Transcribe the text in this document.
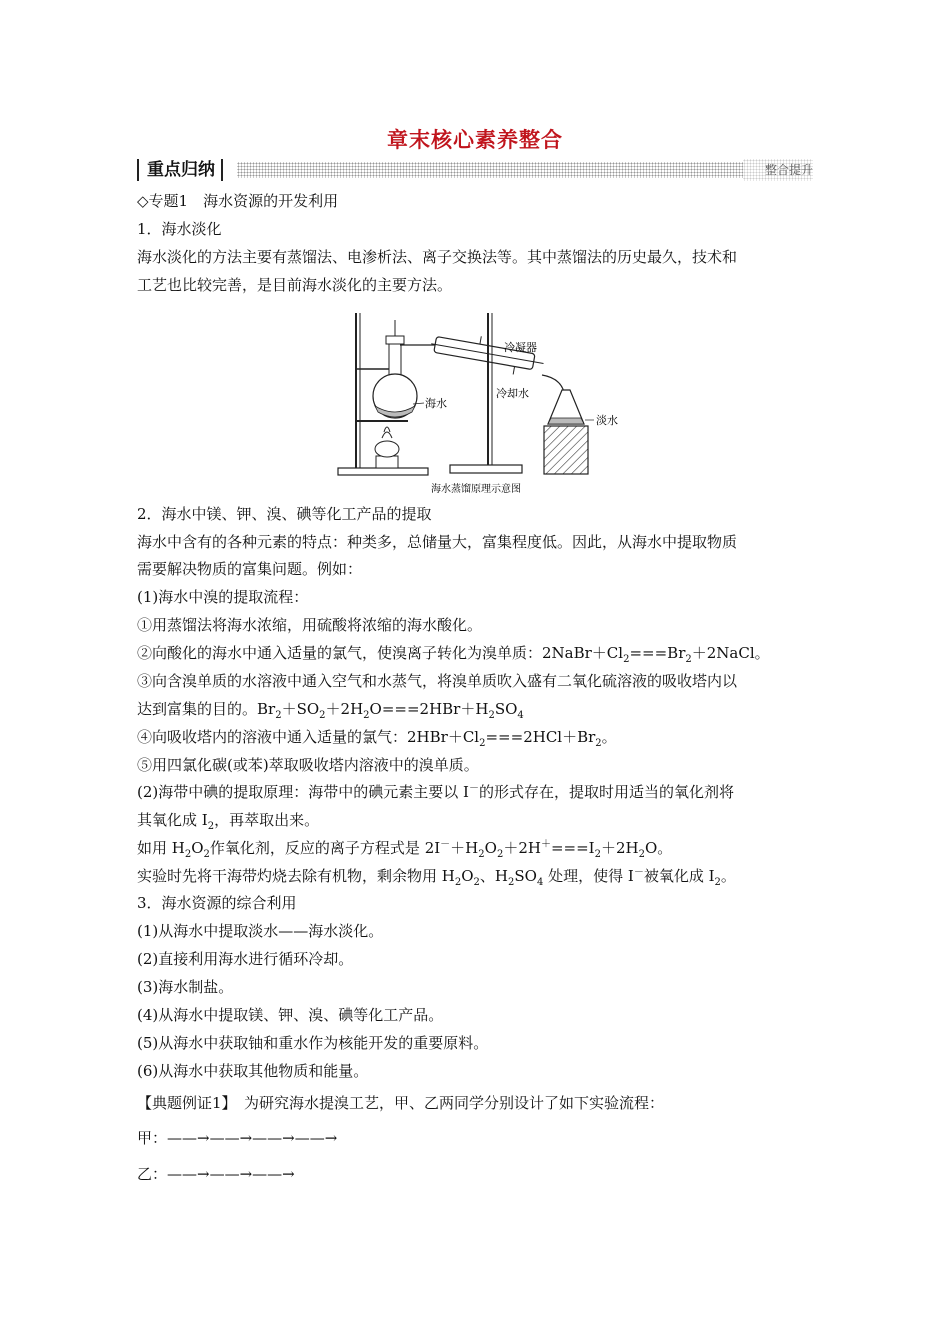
章末核心素养整合
重点归纳	整合提升
◇专题1　海水资源的开发利用
1．海水淡化
海水淡化的方法主要有蒸馏法、电渗析法、离子交换法等。其中蒸馏法的历史最久，技术和
工艺也比较完善，是目前海水淡化的主要方法。
冷凝器
冷却水
海水
淡水
海水蒸馏原理示意图
2．海水中镁、钾、溴、碘等化工产品的提取
海水中含有的各种元素的特点：种类多，总储量大，富集程度低。因此，从海水中提取物质
需要解决物质的富集问题。例如：
(1)海水中溴的提取流程：
①用蒸馏法将海水浓缩，用硫酸将浓缩的海水酸化。
②向酸化的海水中通入适量的氯气，使溴离子转化为溴单质：$2NaBr+Cl_2===Br_2+2NaCl$。
③向含溴单质的水溶液中通入空气和水蒸气，将溴单质吹入盛有二氧化硫溶液的吸收塔内以
达到富集的目的。$Br_2+SO_2+2H_2O===2HBr+H_2SO_4$
④向吸收塔内的溶液中通入适量的氯气：$2HBr+Cl_2===2HCl+Br_2$。
⑤用四氯化碳(或苯)萃取吸收塔内溶液中的溴单质。
(2)海带中碘的提取原理：海带中的碘元素主要以 I－的形式存在，提取时用适当的氧化剂将
其氧化成 $I_2$，再萃取出来。
如用 $H_2O_2$作氧化剂，反应的离子方程式是 $2I^-+H_2O_2+2H^+===I_2+2H_2O$。
实验时先将干海带灼烧去除有机物，剩余物用 $H_2O_2$、$H_2SO_4$ 处理，使得 I－被氧化成 $I_2$。
3．海水资源的综合利用
(1)从海水中提取淡水——海水淡化。
(2)直接利用海水进行循环冷却。
(3)海水制盐。
(4)从海水中提取镁、钾、溴、碘等化工产品。
(5)从海水中获取铀和重水作为核能开发的重要原料。
(6)从海水中获取其他物质和能量。
【典题例证1】　为研究海水提溴工艺，甲、乙两同学分别设计了如下实验流程：
甲：——→——→——→——→
乙：——→——→——→
